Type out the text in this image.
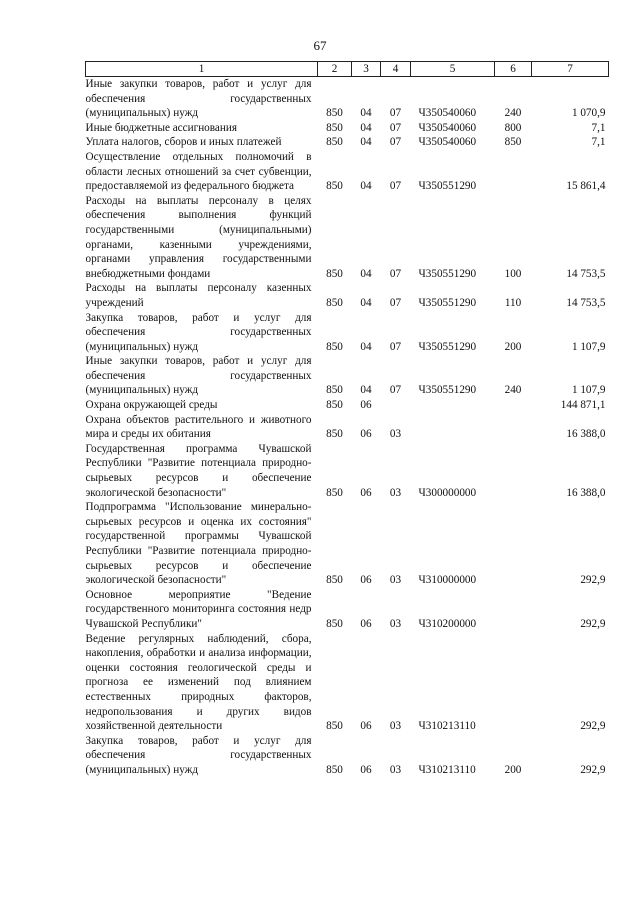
67
1	2	3	4	5	6	7
Иные закупки товаров, работ и услуг для обеспечения государственных (муниципальных) нужд	850	04	07	Ч350540060	240	1 070,9
Иные бюджетные ассигнования	850	04	07	Ч350540060	800	7,1
Уплата налогов, сборов и иных платежей	850	04	07	Ч350540060	850	7,1
Осуществление отдельных полномочий в области лесных отношений за счет субвенции, предоставляемой из федерального бюджета	850	04	07	Ч350551290		15 861,4
Расходы на выплаты персоналу в целях обеспечения выполнения функций государственными (муниципальными) органами, казенными учреждениями, органами управления государственными внебюджетными фондами	850	04	07	Ч350551290	100	14 753,5
Расходы на выплаты персоналу казенных учреждений	850	04	07	Ч350551290	110	14 753,5
Закупка товаров, работ и услуг для обеспечения государственных (муниципальных) нужд	850	04	07	Ч350551290	200	1 107,9
Иные закупки товаров, работ и услуг для обеспечения государственных (муниципальных) нужд	850	04	07	Ч350551290	240	1 107,9
Охрана окружающей среды	850	06				144 871,1
Охрана объектов растительного и животного мира и среды их обитания	850	06	03			16 388,0
Государственная программа Чувашской Республики "Развитие потенциала природно-сырьевых ресурсов и обеспечение экологической безопасности"	850	06	03	Ч300000000		16 388,0
Подпрограмма "Использование минерально-сырьевых ресурсов и оценка их состояния" государственной программы Чувашской Республики "Развитие потенциала природно-сырьевых ресурсов и обеспечение экологической безопасности"	850	06	03	Ч310000000		292,9
Основное мероприятие "Ведение государственного мониторинга состояния недр Чувашской Республики"	850	06	03	Ч310200000		292,9
Ведение регулярных наблюдений, сбора, накопления, обработки и анализа информации, оценки состояния геологической среды и прогноза ее изменений под влиянием естественных природных факторов, недропользования и других видов хозяйственной деятельности	850	06	03	Ч310213110		292,9
Закупка товаров, работ и услуг для обеспечения государственных (муниципальных) нужд	850	06	03	Ч310213110	200	292,9
